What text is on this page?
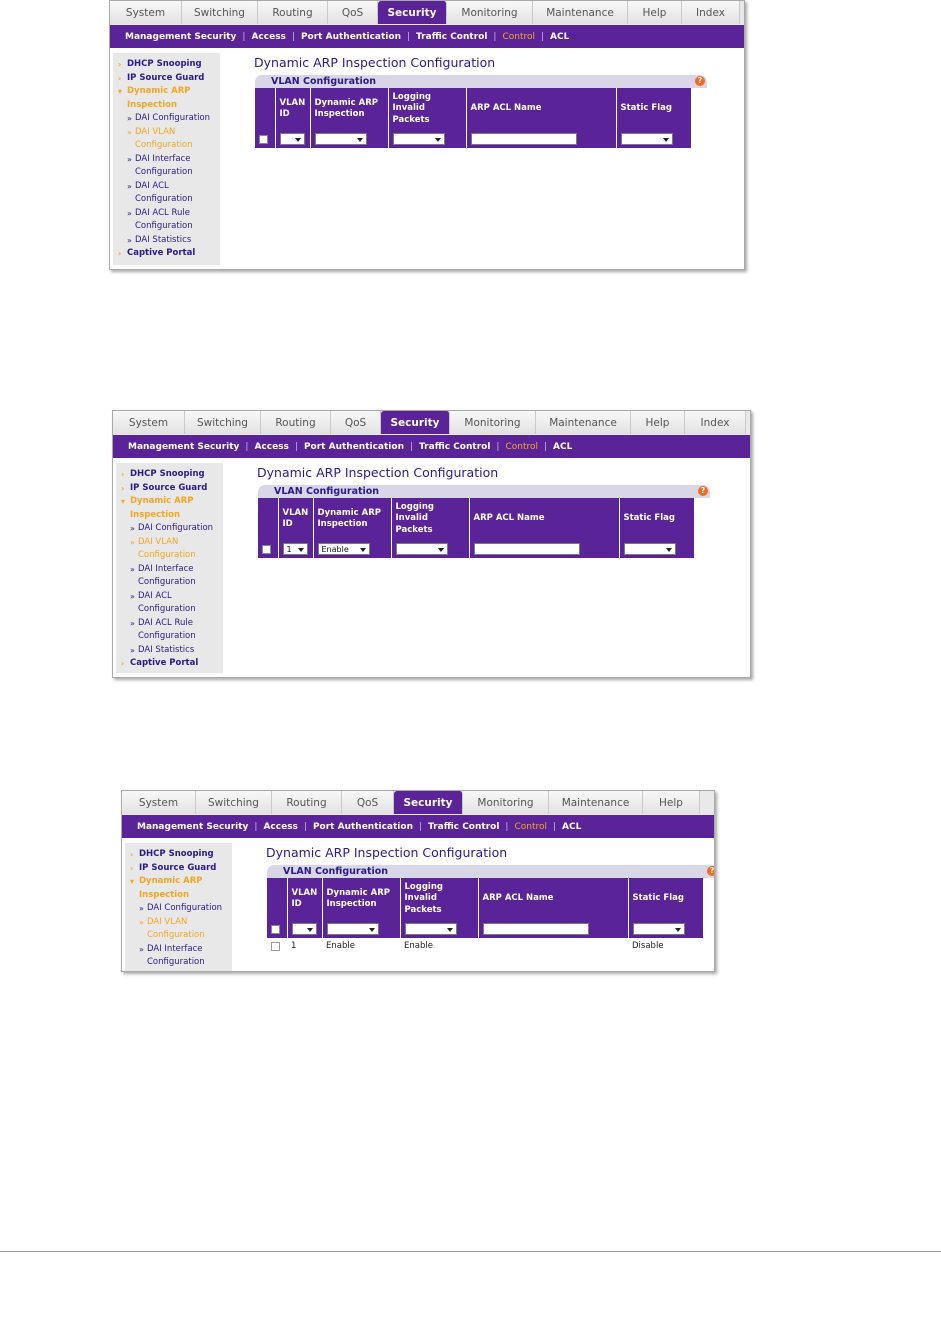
System	Switching	Routing	QoS	Security	Monitoring	Maintenance	Help	Index
Management Security | Access | Port Authentication | Traffic Control | Control | ACL
› DHCP Snooping
› IP Source Guard
▾ Dynamic ARP
Inspection
» DAI Configuration
» DAI VLAN
Configuration
» DAI Interface
Configuration
» DAI ACL
Configuration
» DAI ACL Rule
Configuration
» DAI Statistics
› Captive Portal
Dynamic ARP Inspection Configuration
VLAN Configuration	?
	VLAN ID	Dynamic ARP Inspection	Logging Invalid Packets	ARP ACL Name	Static Flag

System	Switching	Routing	QoS	Security	Monitoring	Maintenance	Help	Index
Management Security | Access | Port Authentication | Traffic Control | Control | ACL
› DHCP Snooping
› IP Source Guard
▾ Dynamic ARP
Inspection
» DAI Configuration
» DAI VLAN
Configuration
» DAI Interface
Configuration
» DAI ACL
Configuration
» DAI ACL Rule
Configuration
» DAI Statistics
› Captive Portal
Dynamic ARP Inspection Configuration
VLAN Configuration	?
	VLAN ID	Dynamic ARP Inspection	Logging Invalid Packets	ARP ACL Name	Static Flag

	1	Enable			

System	Switching	Routing	QoS	Security	Monitoring	Maintenance	Help
Management Security | Access | Port Authentication | Traffic Control | Control | ACL
› DHCP Snooping
› IP Source Guard
▾ Dynamic ARP
Inspection
» DAI Configuration
» DAI VLAN
Configuration
» DAI Interface
Configuration
Dynamic ARP Inspection Configuration
VLAN Configuration	?
	VLAN ID	Dynamic ARP Inspection	Logging Invalid Packets	ARP ACL Name	Static Flag

	1	Enable	Enable		Disable
